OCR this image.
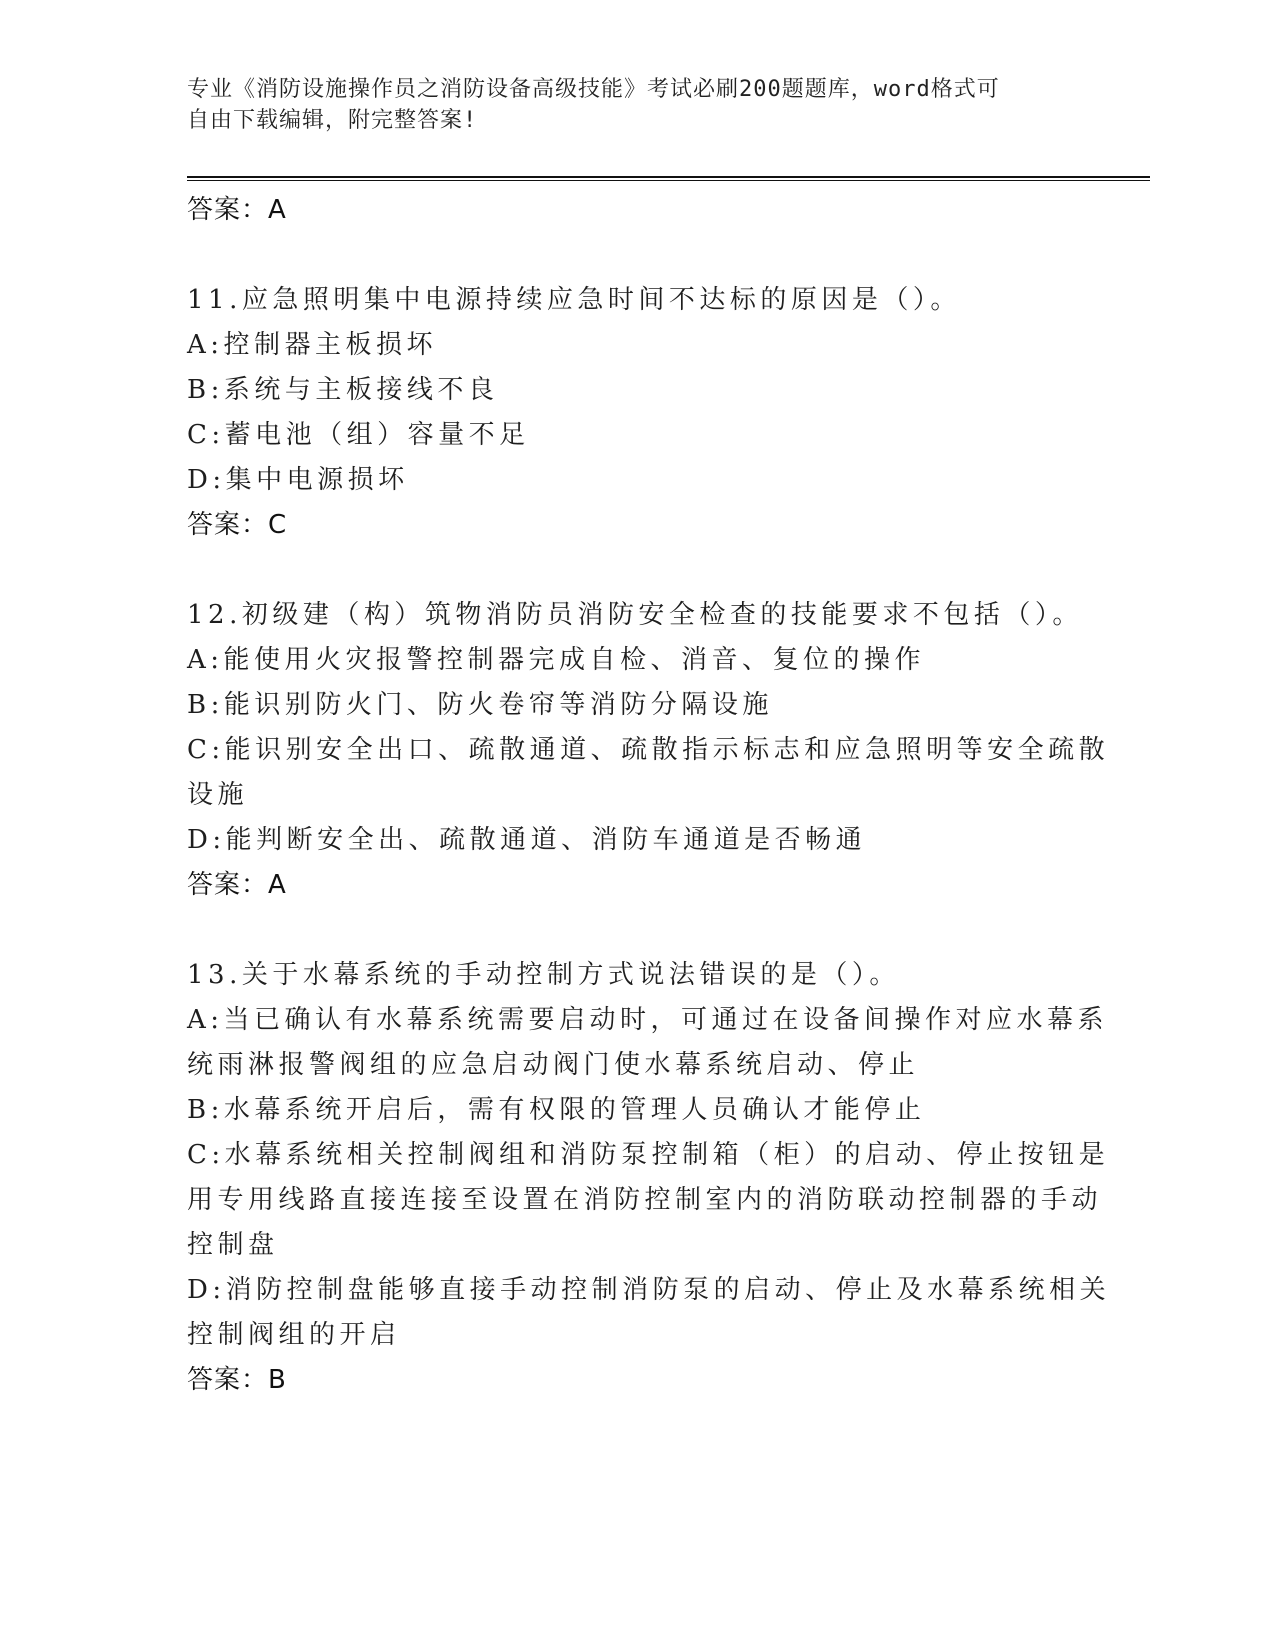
专业《消防设施操作员之消防设备高级技能》考试必刷200题题库，word格式可
自由下载编辑，附完整答案!
答案：A
11.应急照明集中电源持续应急时间不达标的原因是（）。
A:控制器主板损坏
B:系统与主板接线不良
C:蓄电池（组）容量不足
D:集中电源损坏
答案：C
12.初级建（构）筑物消防员消防安全检查的技能要求不包括（）。
A:能使用火灾报警控制器完成自检、消音、复位的操作
B:能识别防火门、防火卷帘等消防分隔设施
C:能识别安全出口、疏散通道、疏散指示标志和应急照明等安全疏散
设施
D:能判断安全出、疏散通道、消防车通道是否畅通
答案：A
13.关于水幕系统的手动控制方式说法错误的是（）。
A:当已确认有水幕系统需要启动时，可通过在设备间操作对应水幕系
统雨淋报警阀组的应急启动阀门使水幕系统启动、停止
B:水幕系统开启后，需有权限的管理人员确认才能停止
C:水幕系统相关控制阀组和消防泵控制箱（柜）的启动、停止按钮是
用专用线路直接连接至设置在消防控制室内的消防联动控制器的手动
控制盘
D:消防控制盘能够直接手动控制消防泵的启动、停止及水幕系统相关
控制阀组的开启
答案：B
